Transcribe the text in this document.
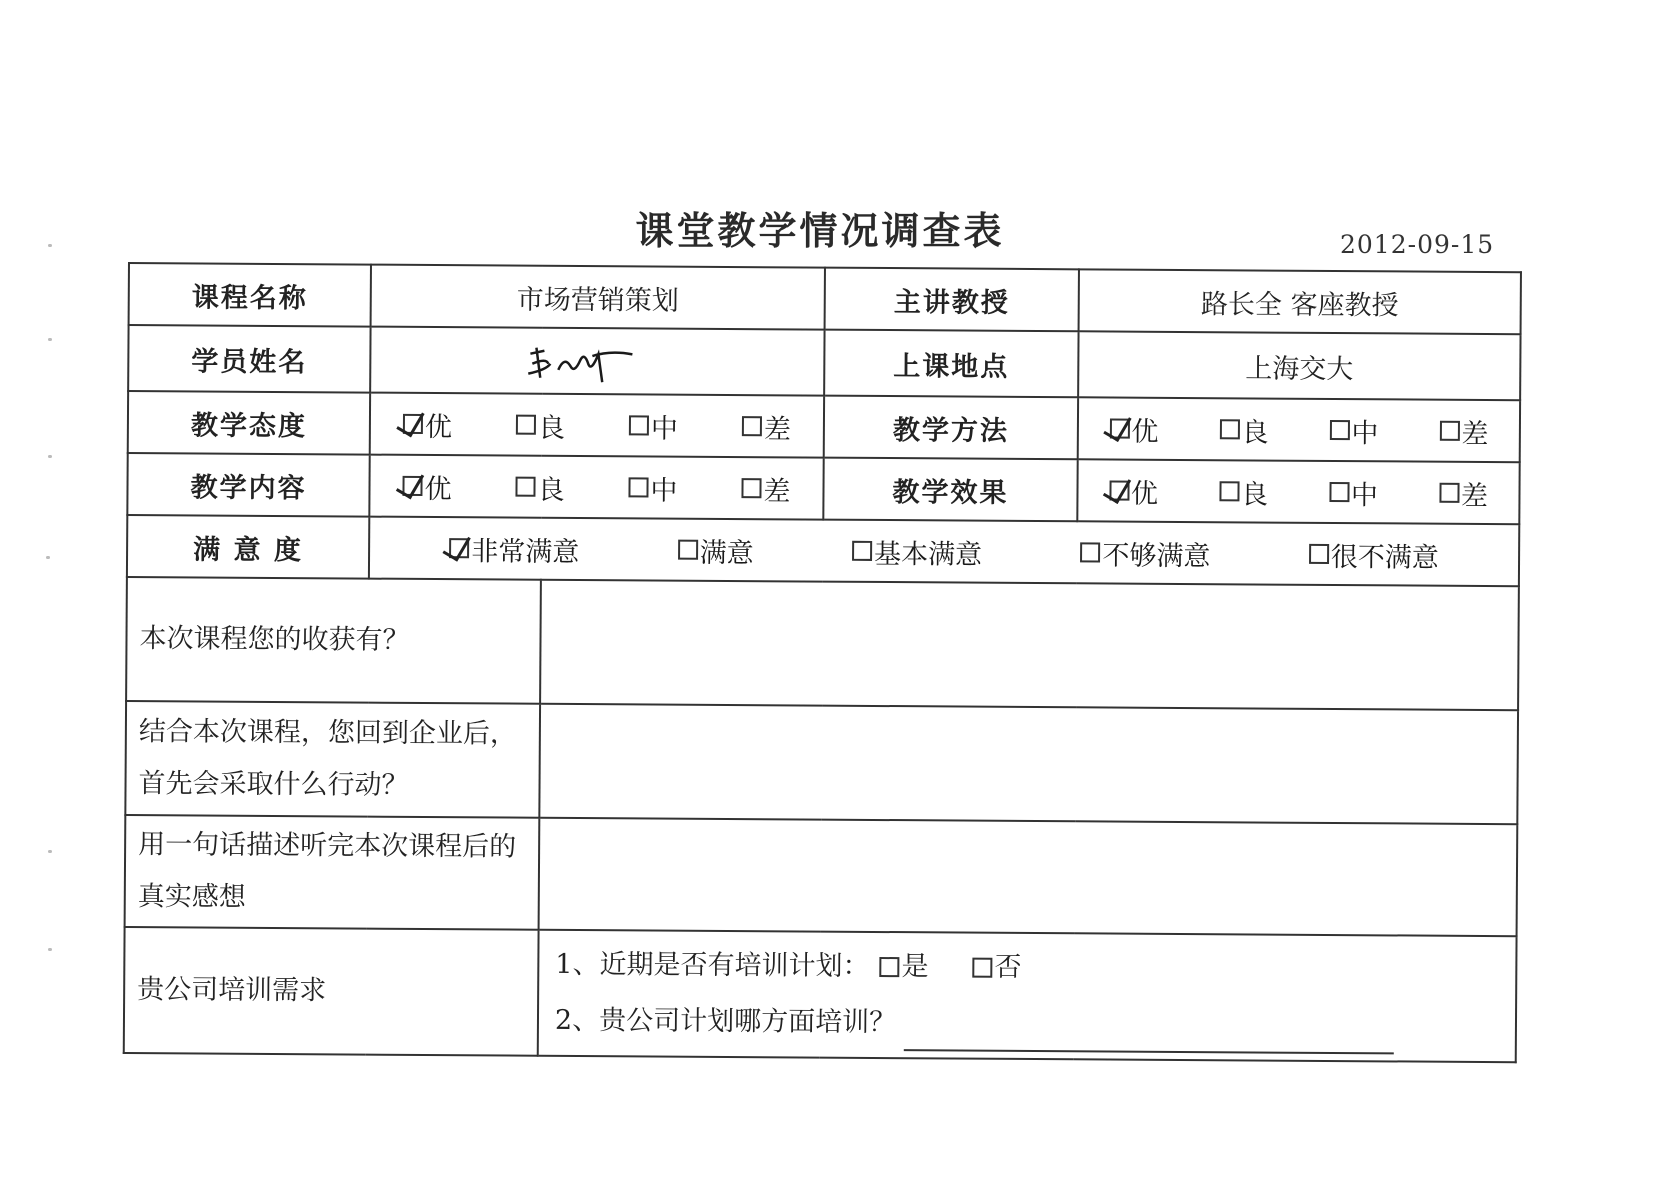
课堂教学情况调查表	2012-09-15
课程名称	市场营销策划		主讲教授	路长全 客座教授
学员姓名			上课地点	上海交大
教学态度	优 良 中 差		教学方法	优 良 中 差

教学内容	优 良 中 差		教学效果	优 良 中 差

满 意 度	非常满意 满意 基本满意 不够满意 很不满意			

本次课程您的收获有？				
结合本次课程，您回到企业后，首先会采取什么行动？				
用一句话描述听完本次课程后的真实感想				
贵公司培训需求		1、近期是否有培训计划： 是 否
2、贵公司计划哪方面培训？		
